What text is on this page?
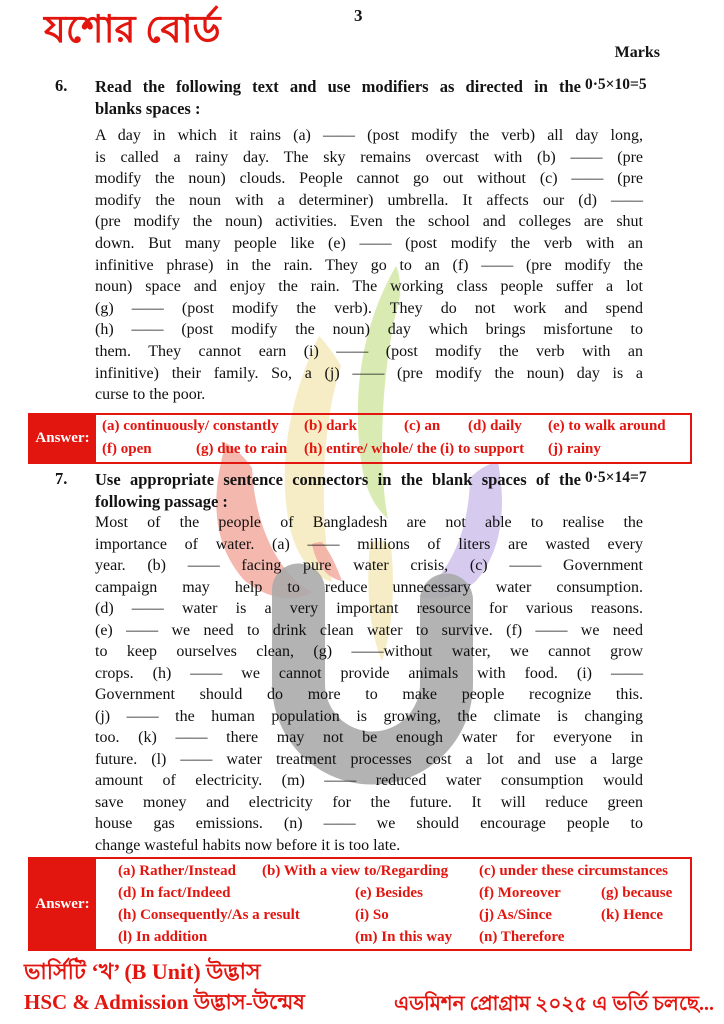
যশোর বোর্ড	3
Marks
6. Read the following text and use modifiers as directed in the
blanks spaces :
0·5×10=5
A day in which it rains (a) —— (post modify the verb) all day long,
is called a rainy day. The sky remains overcast with (b) —— (pre
modify the noun) clouds. People cannot go out without (c) —— (pre
modify the noun with a determiner) umbrella. It affects our (d) ——
(pre modify the noun) activities. Even the school and colleges are shut
down. But many people like (e) —— (post modify the verb with an
infinitive phrase) in the rain. They go to an (f) —— (pre modify the
noun) space and enjoy the rain. The working class people suffer a lot
(g) —— (post modify the verb). They do not work and spend
(h) —— (post modify the noun) day which brings misfortune to
them. They cannot earn (i) —— (post modify the verb with an
infinitive) their family. So, a (j) —— (pre modify the noun) day is a
curse to the poor.
Answer:
(a) continuously/ constantly (b) dark	(c) an (d) daily (e) to walk around
(f) open	(g) due to rain (h) entire/ whole/ the (i) to support (j) rainy
7. Use appropriate sentence connectors in the blank spaces of the
following passage :
0·5×14=7
Most of the people of Bangladesh are not able to realise the
importance of water. (a) —— millions of liters are wasted every
year. (b) —— facing pure water crisis, (c) —— Government
campaign may help to reduce unnecessary water consumption.
(d) —— water is a very important resource for various reasons.
(e) —— we need to drink clean water to survive. (f) —— we need
to keep ourselves clean, (g) ——without water, we cannot grow
crops. (h) —— we cannot provide animals with food. (i) ——
Government should do more to make people recognize this.
(j) —— the human population is growing, the climate is changing
too. (k) —— there may not be enough water for everyone in
future. (l) —— water treatment processes cost a lot and use a large
amount of electricity. (m) —— reduced water consumption would
save money and electricity for the future. It will reduce green
house gas emissions. (n) —— we should encourage people to
change wasteful habits now before it is too late.
Answer:
(a) Rather/Instead (b) With a view to/Regarding (c) under these circumstances
(d) In fact/Indeed	(e) Besides	(f) Moreover	(g) because
(h) Consequently/As a result	(i) So	(j) As/Since	(k) Hence
(l) In addition	(m) In this way (n) Therefore
ভার্সিটি ‘খ’ (B Unit) উদ্ভাস
HSC & Admission উদ্ভাস-উন্মেষ	এডমিশন প্রোগ্রাম ২০২৫ এ ভর্তি চলছে...
